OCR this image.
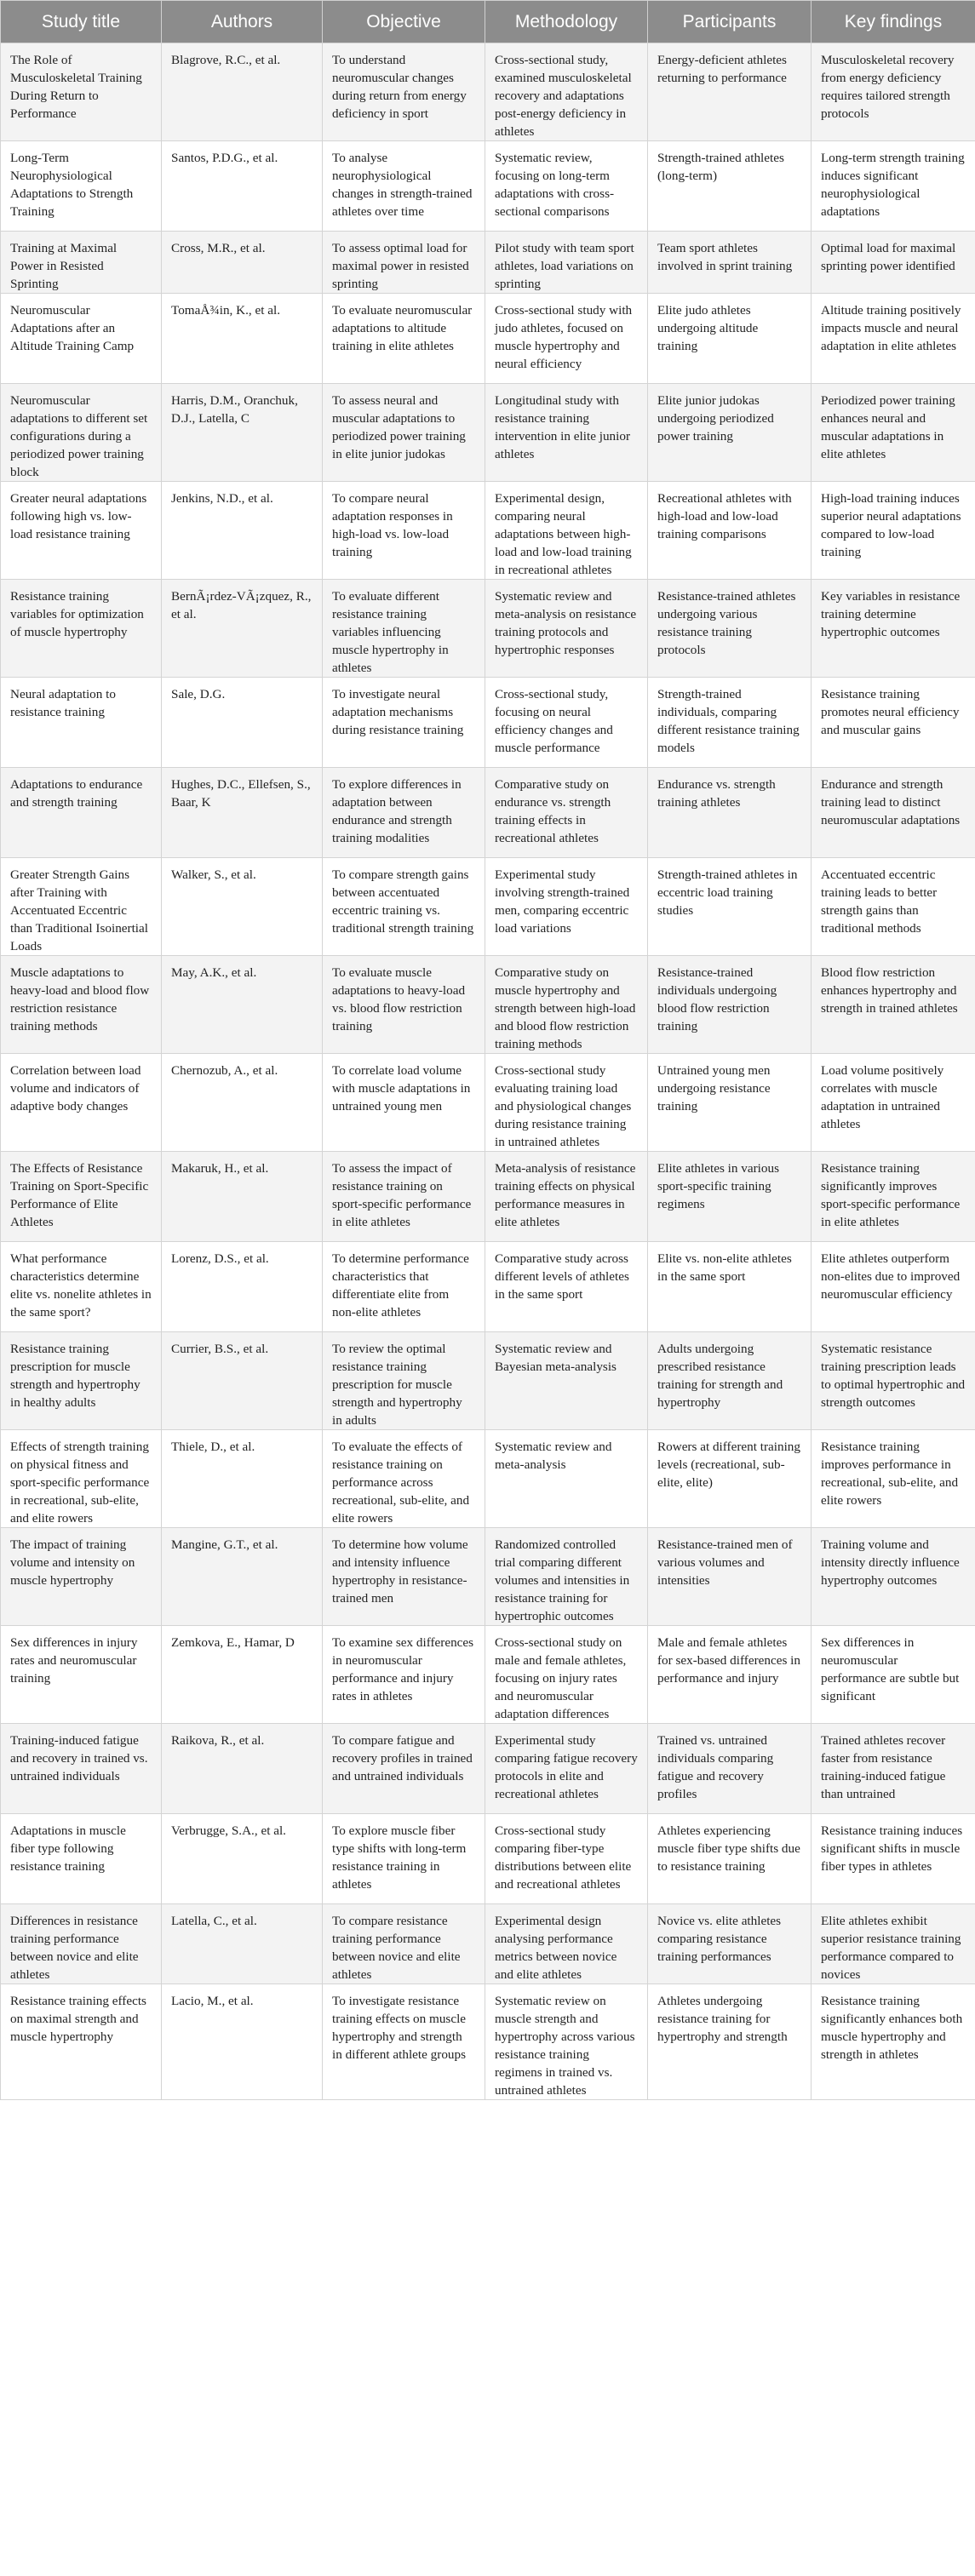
Study title	Authors	Objective	Methodology	Participants	Key findings
The Role of Musculoskeletal Training During Return to Performance	Blagrove, R.C., et al.	To understand neuromuscular changes during return from energy deficiency in sport	Cross-sectional study, examined musculoskeletal recovery and adaptations post-energy deficiency in athletes	Energy-deficient athletes returning to performance	Musculoskeletal recovery from energy deficiency requires tailored strength protocols
Long-Term Neurophysiological Adaptations to Strength Training	Santos, P.D.G., et al.	To analyse neurophysiological changes in strength-trained athletes over time	Systematic review, focusing on long-term adaptations with cross-sectional comparisons	Strength-trained athletes (long-term)	Long-term strength training induces significant neurophysiological adaptations
Training at Maximal Power in Resisted Sprinting	Cross, M.R., et al.	To assess optimal load for maximal power in resisted sprinting	Pilot study with team sport athletes, load variations on sprinting	Team sport athletes involved in sprint training	Optimal load for maximal sprinting power identified
Neuromuscular Adaptations after an Altitude Training Camp	TomaÅ¾in, K., et al.	To evaluate neuromuscular adaptations to altitude training in elite athletes	Cross-sectional study with judo athletes, focused on muscle hypertrophy and neural efficiency	Elite judo athletes undergoing altitude training	Altitude training positively impacts muscle and neural adaptation in elite athletes
Neuromuscular adaptations to different set configurations during a periodized power training block	Harris, D.M., Oranchuk, D.J., Latella, C	To assess neural and muscular adaptations to periodized power training in elite junior judokas	Longitudinal study with resistance training intervention in elite junior athletes	Elite junior judokas undergoing periodized power training	Periodized power training enhances neural and muscular adaptations in elite athletes
Greater neural adaptations following high vs. low-load resistance training	Jenkins, N.D., et al.	To compare neural adaptation responses in high-load vs. low-load training	Experimental design, comparing neural adaptations between high-load and low-load training in recreational athletes	Recreational athletes with high-load and low-load training comparisons	High-load training induces superior neural adaptations compared to low-load training
Resistance training variables for optimization of muscle hypertrophy	BernÃ¡rdez-VÃ¡zquez, R., et al.	To evaluate different resistance training variables influencing muscle hypertrophy in athletes	Systematic review and meta-analysis on resistance training protocols and hypertrophic responses	Resistance-trained athletes undergoing various resistance training protocols	Key variables in resistance training determine hypertrophic outcomes
Neural adaptation to resistance training	Sale, D.G.	To investigate neural adaptation mechanisms during resistance training	Cross-sectional study, focusing on neural efficiency changes and muscle performance	Strength-trained individuals, comparing different resistance training models	Resistance training promotes neural efficiency and muscular gains
Adaptations to endurance and strength training	Hughes, D.C., Ellefsen, S., Baar, K	To explore differences in adaptation between endurance and strength training modalities	Comparative study on endurance vs. strength training effects in recreational athletes	Endurance vs. strength training athletes	Endurance and strength training lead to distinct neuromuscular adaptations
Greater Strength Gains after Training with Accentuated Eccentric than Traditional Isoinertial Loads	Walker, S., et al.	To compare strength gains between accentuated eccentric training vs. traditional strength training	Experimental study involving strength-trained men, comparing eccentric load variations	Strength-trained athletes in eccentric load training studies	Accentuated eccentric training leads to better strength gains than traditional methods
Muscle adaptations to heavy-load and blood flow restriction resistance training methods	May, A.K., et al.	To evaluate muscle adaptations to heavy-load vs. blood flow restriction training	Comparative study on muscle hypertrophy and strength between high-load and blood flow restriction training methods	Resistance-trained individuals undergoing blood flow restriction training	Blood flow restriction enhances hypertrophy and strength in trained athletes
Correlation between load volume and indicators of adaptive body changes	Chernozub, A., et al.	To correlate load volume with muscle adaptations in untrained young men	Cross-sectional study evaluating training load and physiological changes during resistance training in untrained athletes	Untrained young men undergoing resistance training	Load volume positively correlates with muscle adaptation in untrained athletes
The Effects of Resistance Training on Sport-Specific Performance of Elite Athletes	Makaruk, H., et al.	To assess the impact of resistance training on sport-specific performance in elite athletes	Meta-analysis of resistance training effects on physical performance measures in elite athletes	Elite athletes in various sport-specific training regimens	Resistance training significantly improves sport-specific performance in elite athletes
What performance characteristics determine elite vs. nonelite athletes in the same sport?	Lorenz, D.S., et al.	To determine performance characteristics that differentiate elite from non-elite athletes	Comparative study across different levels of athletes in the same sport	Elite vs. non-elite athletes in the same sport	Elite athletes outperform non-elites due to improved neuromuscular efficiency
Resistance training prescription for muscle strength and hypertrophy in healthy adults	Currier, B.S., et al.	To review the optimal resistance training prescription for muscle strength and hypertrophy in adults	Systematic review and Bayesian meta-analysis	Adults undergoing prescribed resistance training for strength and hypertrophy	Systematic resistance training prescription leads to optimal hypertrophic and strength outcomes
Effects of strength training on physical fitness and sport-specific performance in recreational, sub-elite, and elite rowers	Thiele, D., et al.	To evaluate the effects of resistance training on performance across recreational, sub-elite, and elite rowers	Systematic review and meta-analysis	Rowers at different training levels (recreational, sub-elite, elite)	Resistance training improves performance in recreational, sub-elite, and elite rowers
The impact of training volume and intensity on muscle hypertrophy	Mangine, G.T., et al.	To determine how volume and intensity influence hypertrophy in resistance-trained men	Randomized controlled trial comparing different volumes and intensities in resistance training for hypertrophic outcomes	Resistance-trained men of various volumes and intensities	Training volume and intensity directly influence hypertrophy outcomes
Sex differences in injury rates and neuromuscular training	Zemkova, E., Hamar, D	To examine sex differences in neuromuscular performance and injury rates in athletes	Cross-sectional study on male and female athletes, focusing on injury rates and neuromuscular adaptation differences	Male and female athletes for sex-based differences in performance and injury	Sex differences in neuromuscular performance are subtle but significant
Training-induced fatigue and recovery in trained vs. untrained individuals	Raikova, R., et al.	To compare fatigue and recovery profiles in trained and untrained individuals	Experimental study comparing fatigue recovery protocols in elite and recreational athletes	Trained vs. untrained individuals comparing fatigue and recovery profiles	Trained athletes recover faster from resistance training-induced fatigue than untrained
Adaptations in muscle fiber type following resistance training	Verbrugge, S.A., et al.	To explore muscle fiber type shifts with long-term resistance training in athletes	Cross-sectional study comparing fiber-type distributions between elite and recreational athletes	Athletes experiencing muscle fiber type shifts due to resistance training	Resistance training induces significant shifts in muscle fiber types in athletes
Differences in resistance training performance between novice and elite athletes	Latella, C., et al.	To compare resistance training performance between novice and elite athletes	Experimental design analysing performance metrics between novice and elite athletes	Novice vs. elite athletes comparing resistance training performances	Elite athletes exhibit superior resistance training performance compared to novices
Resistance training effects on maximal strength and muscle hypertrophy	Lacio, M., et al.	To investigate resistance training effects on muscle hypertrophy and strength in different athlete groups	Systematic review on muscle strength and hypertrophy across various resistance training regimens in trained vs. untrained athletes	Athletes undergoing resistance training for hypertrophy and strength	Resistance training significantly enhances both muscle hypertrophy and strength in athletes
